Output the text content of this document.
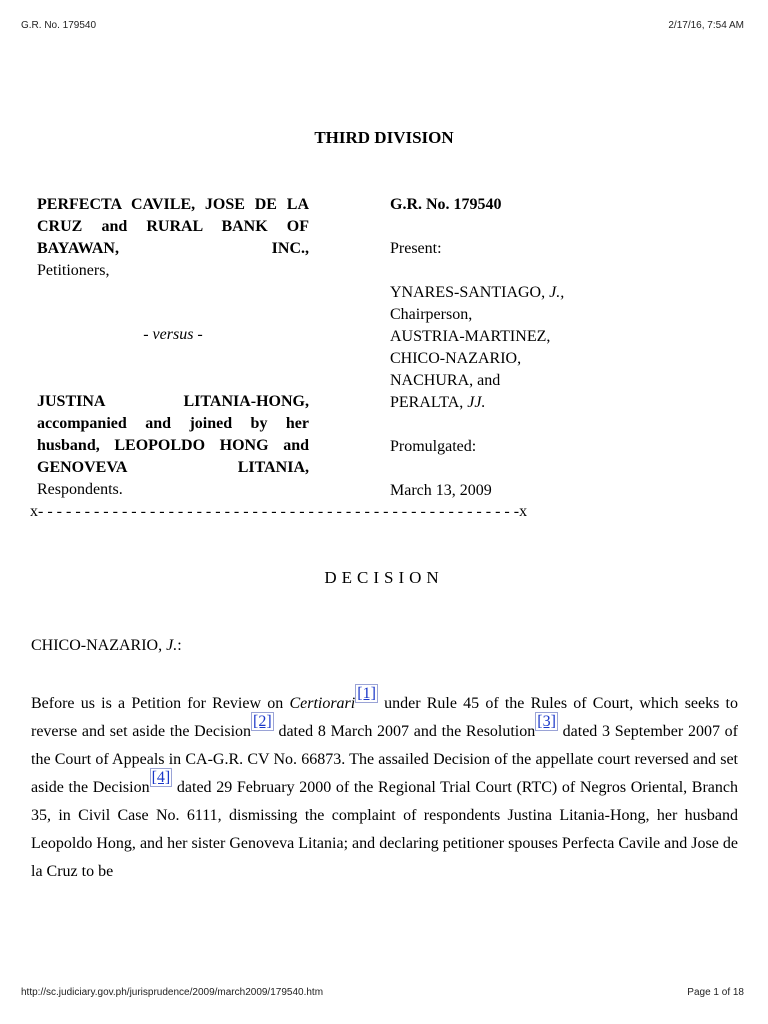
G.R. No. 179540	2/17/16, 7:54 AM
THIRD DIVISION
PERFECTA CAVILE, JOSE DE LA CRUZ and RURAL BANK OF BAYAWAN, INC.,
Petitioners,
- versus -
JUSTINA LITANIA-HONG, accompanied and joined by her husband, LEOPOLDO HONG and GENOVEVA LITANIA,
Respondents.
G.R. No. 179540
Present:
YNARES-SANTIAGO, J.,
Chairperson,
AUSTRIA-MARTINEZ,
CHICO-NAZARIO,
NACHURA, and
PERALTA, JJ.
Promulgated:
March 13, 2009
x- - - - - - - - - - - - - - - - - - - - - - - - - - - - - - - - - - - - - - - - - - - - - - - - - - - -x
DECISION
CHICO-NAZARIO, J.:
Before us is a Petition for Review on Certiorari[1] under Rule 45 of the Rules of Court, which seeks to reverse and set aside the Decision[2] dated 8 March 2007 and the Resolution[3] dated 3 September 2007 of the Court of Appeals in CA-G.R. CV No. 66873. The assailed Decision of the appellate court reversed and set aside the Decision[4] dated 29 February 2000 of the Regional Trial Court (RTC) of Negros Oriental, Branch 35, in Civil Case No. 6111, dismissing the complaint of respondents Justina Litania-Hong, her husband Leopoldo Hong, and her sister Genoveva Litania; and declaring petitioner spouses Perfecta Cavile and Jose de la Cruz to be
http://sc.judiciary.gov.ph/jurisprudence/2009/march2009/179540.htm	Page 1 of 18
